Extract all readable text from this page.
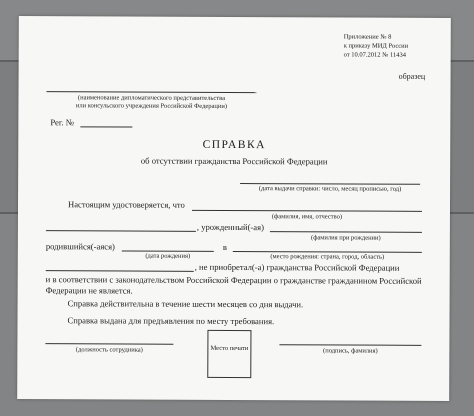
Приложение № 8
к приказу МИД России
от 10.07.2012 № 11434
образец
(наименование дипломатического представительства
или консульского учреждения Российской Федерации)
Рег. №
СПРАВКА
об отсутствии гражданства Российской Федерации
(дата выдачи справки: число, месяц прописью, год)
Настоящим удостоверяется, что
(фамилия, имя, отчество)
, урожденный(-ая)
(фамилия при рождении)
родившийся(-аяся)
(дата рождения)
в
(место рождения: страна, город, область)
, не приобретал(-а) гражданства Российской Федерации
и в соответствии с законодательством Российской Федерации о гражданстве гражданином Российской Федерации не является.
Справка действительна в течение шести месяцев со дня выдачи.
Справка выдана для предъявления по месту требования.
(должность сотрудника)	Место печати	(подпись, фамилия)
